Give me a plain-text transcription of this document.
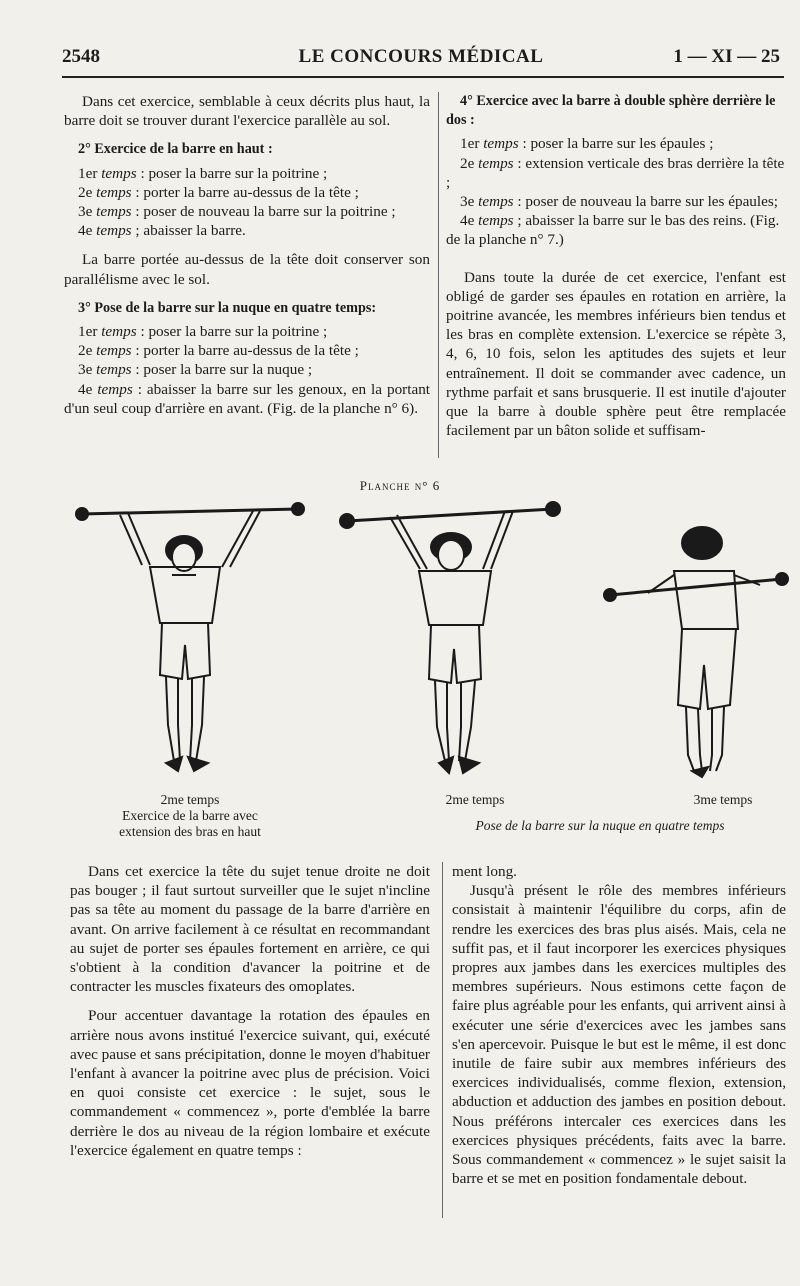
2548	LE CONCOURS MÉDICAL	1 — XI — 25

Dans cet exercice, semblable à ceux décrits plus haut, la barre doit se trouver durant l'exercice parallèle au sol.

2° Exercice de la barre en haut :

1er temps : poser la barre sur la poitrine ;

2e temps : porter la barre au-dessus de la tête ;

3e temps : poser de nouveau la barre sur la poitrine ;

4e temps ; abaisser la barre.

La barre portée au-dessus de la tête doit conserver son parallélisme avec le sol.

3° Pose de la barre sur la nuque en quatre temps:

1er temps : poser la barre sur la poitrine ;

2e temps : porter la barre au-dessus de la tête ;

3e temps : poser la barre sur la nuque ;

4e temps : abaisser la barre sur les genoux, en la portant d'un seul coup d'arrière en avant. (Fig. de la planche n° 6).

4° Exercice avec la barre à double sphère derrière le dos :

1er temps : poser la barre sur les épaules ;

2e temps : extension verticale des bras derrière la tête ;

3e temps : poser de nouveau la barre sur les épaules;

4e temps ; abaisser la barre sur le bas des reins. (Fig. de la planche n° 7.)

Dans toute la durée de cet exercice, l'enfant est obligé de garder ses épaules en rotation en arrière, la poitrine avancée, les membres inférieurs bien tendus et les bras en complète extension. L'exercice se répète 3, 4, 6, 10 fois, selon les aptitudes des sujets et leur entraînement. Il doit se commander avec cadence, un rythme parfait et sans brusquerie. Il est inutile d'ajouter que la barre à double sphère peut être remplacée facilement par un bâton solide et suffisam-

Planche n° 6
2me temps
Exercice de la barre avec
extension des bras en haut
2me temps	3me temps
Pose de la barre sur la nuque en quatre temps

Dans cet exercice la tête du sujet tenue droite ne doit pas bouger ; il faut surtout surveiller que le sujet n'incline pas sa tête au moment du passage de la barre d'arrière en avant. On arrive facilement à ce résultat en recommandant au sujet de porter ses épaules fortement en arrière, ce qui s'obtient à la condition d'avancer la poitrine et de contracter les muscles fixateurs des omoplates.

Pour accentuer davantage la rotation des épaules en arrière nous avons institué l'exercice suivant, qui, exécuté avec pause et sans précipitation, donne le moyen d'habituer l'enfant à avancer la poitrine avec plus de précision. Voici en quoi consiste cet exercice : le sujet, sous le commandement « commencez », porte d'emblée la barre derrière le dos au niveau de la région lombaire et exécute l'exercice également en quatre temps :

ment long.

Jusqu'à présent le rôle des membres inférieurs consistait à maintenir l'équilibre du corps, afin de rendre les exercices des bras plus aisés. Mais, cela ne suffit pas, et il faut incorporer les exercices physiques propres aux jambes dans les exercices multiples des membres supérieurs. Nous estimons cette façon de faire plus agréable pour les enfants, qui arrivent ainsi à exécuter une série d'exercices avec les jambes sans s'en apercevoir. Puisque le but est le même, il est donc inutile de faire subir aux membres inférieurs des exercices individualisés, comme flexion, extension, abduction et adduction des jambes en position debout. Nous préférons intercaler ces exercices dans les exercices physiques précédents, faits avec la barre. Sous commandement « commencez » le sujet saisit la barre et se met en position fondamentale debout.
